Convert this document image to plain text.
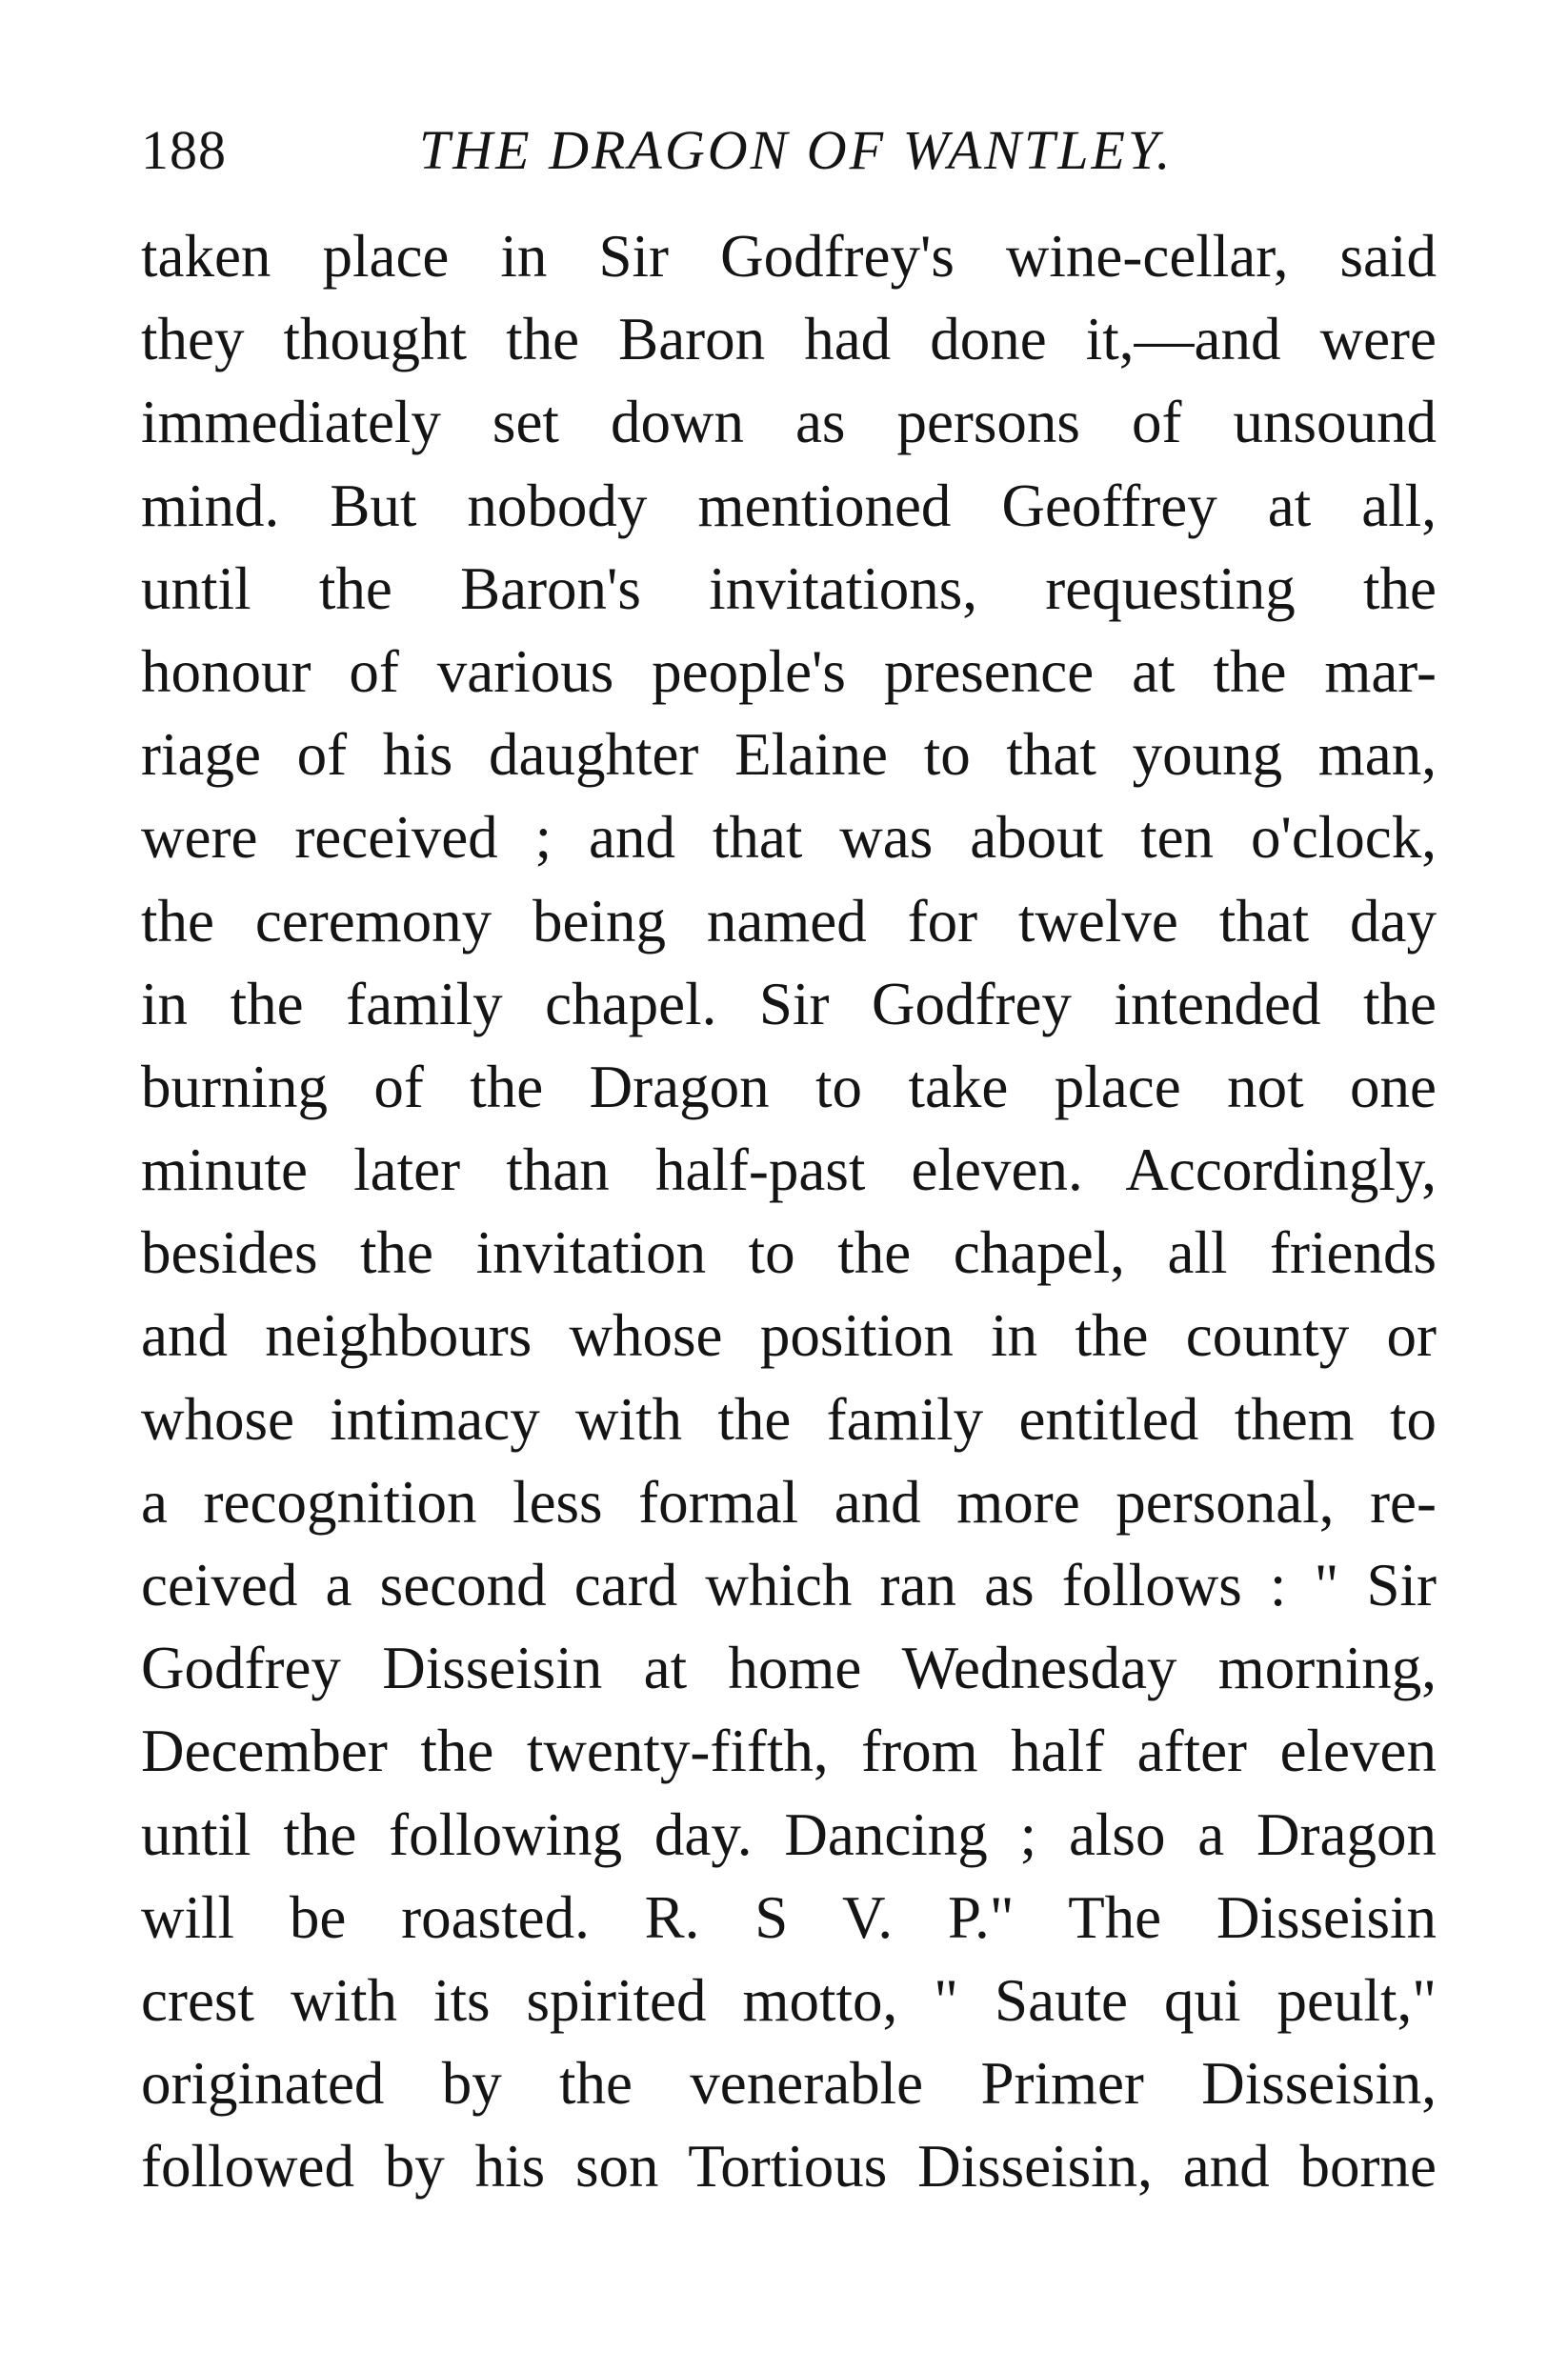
188	THE DRAGON OF WANTLEY.
taken place in Sir Godfrey's wine-cellar, said
they thought the Baron had done it,—and were
immediately set down as persons of unsound
mind. But nobody mentioned Geoffrey at all,
until the Baron's invitations, requesting the
honour of various people's presence at the mar-
riage of his daughter Elaine to that young man,
were received ; and that was about ten o'clock,
the ceremony being named for twelve that day
in the family chapel. Sir Godfrey intended the
burning of the Dragon to take place not one
minute later than half-past eleven. Accordingly,
besides the invitation to the chapel, all friends
and neighbours whose position in the county or
whose intimacy with the family entitled them to
a recognition less formal and more personal, re-
ceived a second card which ran as follows : " Sir
Godfrey Disseisin at home Wednesday morning,
December the twenty-fifth, from half after eleven
until the following day. Dancing ; also a Dragon
will be roasted. R. S V. P." The Disseisin
crest with its spirited motto, " Saute qui peult,"
originated by the venerable Primer Disseisin,
followed by his son Tortious Disseisin, and borne
